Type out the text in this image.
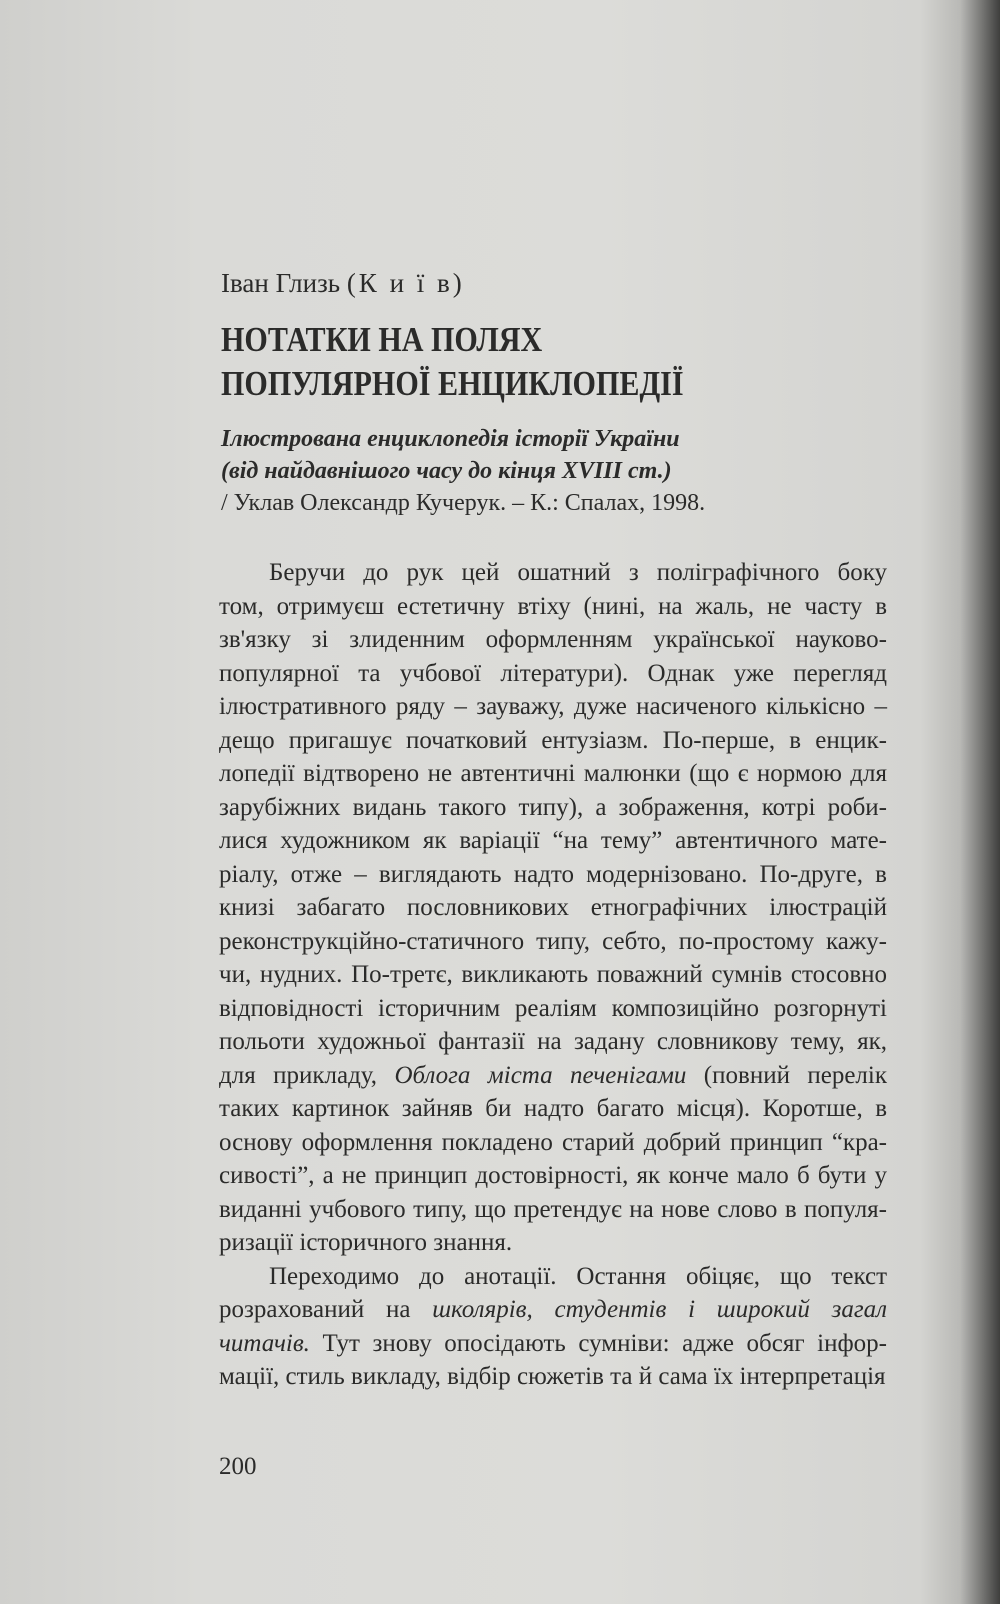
Іван Глизь (К и ї в)
НОТАТКИ НА ПОЛЯХ
ПОПУЛЯРНОЇ ЕНЦИКЛОПЕДІЇ
Ілюстрована енциклопедія історії України
(від найдавнішого часу до кінця XVIII ст.)
/ Уклав Олександр Кучерук. – К.: Спалах, 1998.
Беручи до рук цей ошатний з поліграфічного боку
том, отримуєш естетичну втіху (нині, на жаль, не часту в
зв'язку зі злиденним оформленням української науково-
популярної та учбової літератури). Однак уже перегляд
ілюстративного ряду – зауважу, дуже насиченого кількісно –
дещо пригашує початковий ентузіазм. По-перше, в енцик-
лопедії відтворено не автентичні малюнки (що є нормою для
зарубіжних видань такого типу), а зображення, котрі роби-
лися художником як варіації “на тему” автентичного мате-
ріалу, отже – виглядають надто модернізовано. По-друге, в
книзі забагато пословникових етнографічних ілюстрацій
реконструкційно-статичного типу, себто, по-простому кажу-
чи, нудних. По-третє, викликають поважний сумнів стосовно
відповідності історичним реаліям композиційно розгорнуті
польоти художньої фантазії на задану словникову тему, як,
для прикладу, Облога міста печенігами (повний перелік
таких картинок зайняв би надто багато місця). Коротше, в
основу оформлення покладено старий добрий принцип “кра-
сивості”, а не принцип достовірності, як конче мало б бути у
виданні учбового типу, що претендує на нове слово в популя-
ризації історичного знання.
Переходимо до анотації. Остання обіцяє, що текст
розрахований на школярів, студентів і широкий загал
читачів. Тут знову опосідають сумніви: адже обсяг інфор-
мації, стиль викладу, відбір сюжетів та й сама їх інтерпретація
200
